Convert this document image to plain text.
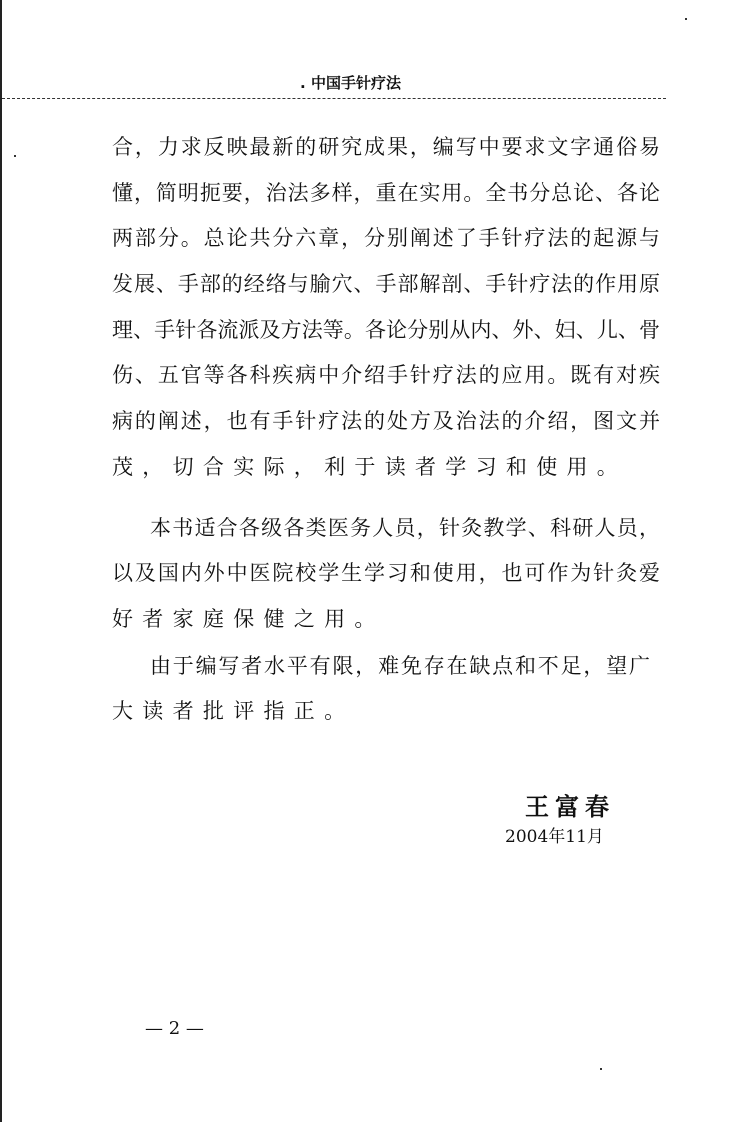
. 中国手针疗法
合，力求反映最新的研究成果，编写中要求文字通俗易
懂，简明扼要，治法多样，重在实用。全书分总论、各论
两部分。总论共分六章，分别阐述了手针疗法的起源与
发展、手部的经络与腧穴、手部解剖、手针疗法的作用原
理、手针各流派及方法等。各论分别从内、外、妇、儿、骨
伤、五官等各科疾病中介绍手针疗法的应用。既有对疾
病的阐述，也有手针疗法的处方及治法的介绍，图文并
茂，切合实际，利于读者学习和使用。
本书适合各级各类医务人员，针灸教学、科研人员，
以及国内外中医院校学生学习和使用，也可作为针灸爱
好者家庭保健之用。
由于编写者水平有限，难免存在缺点和不足，望广
大读者批评指正。
王富春
2004年11月
— 2 —
